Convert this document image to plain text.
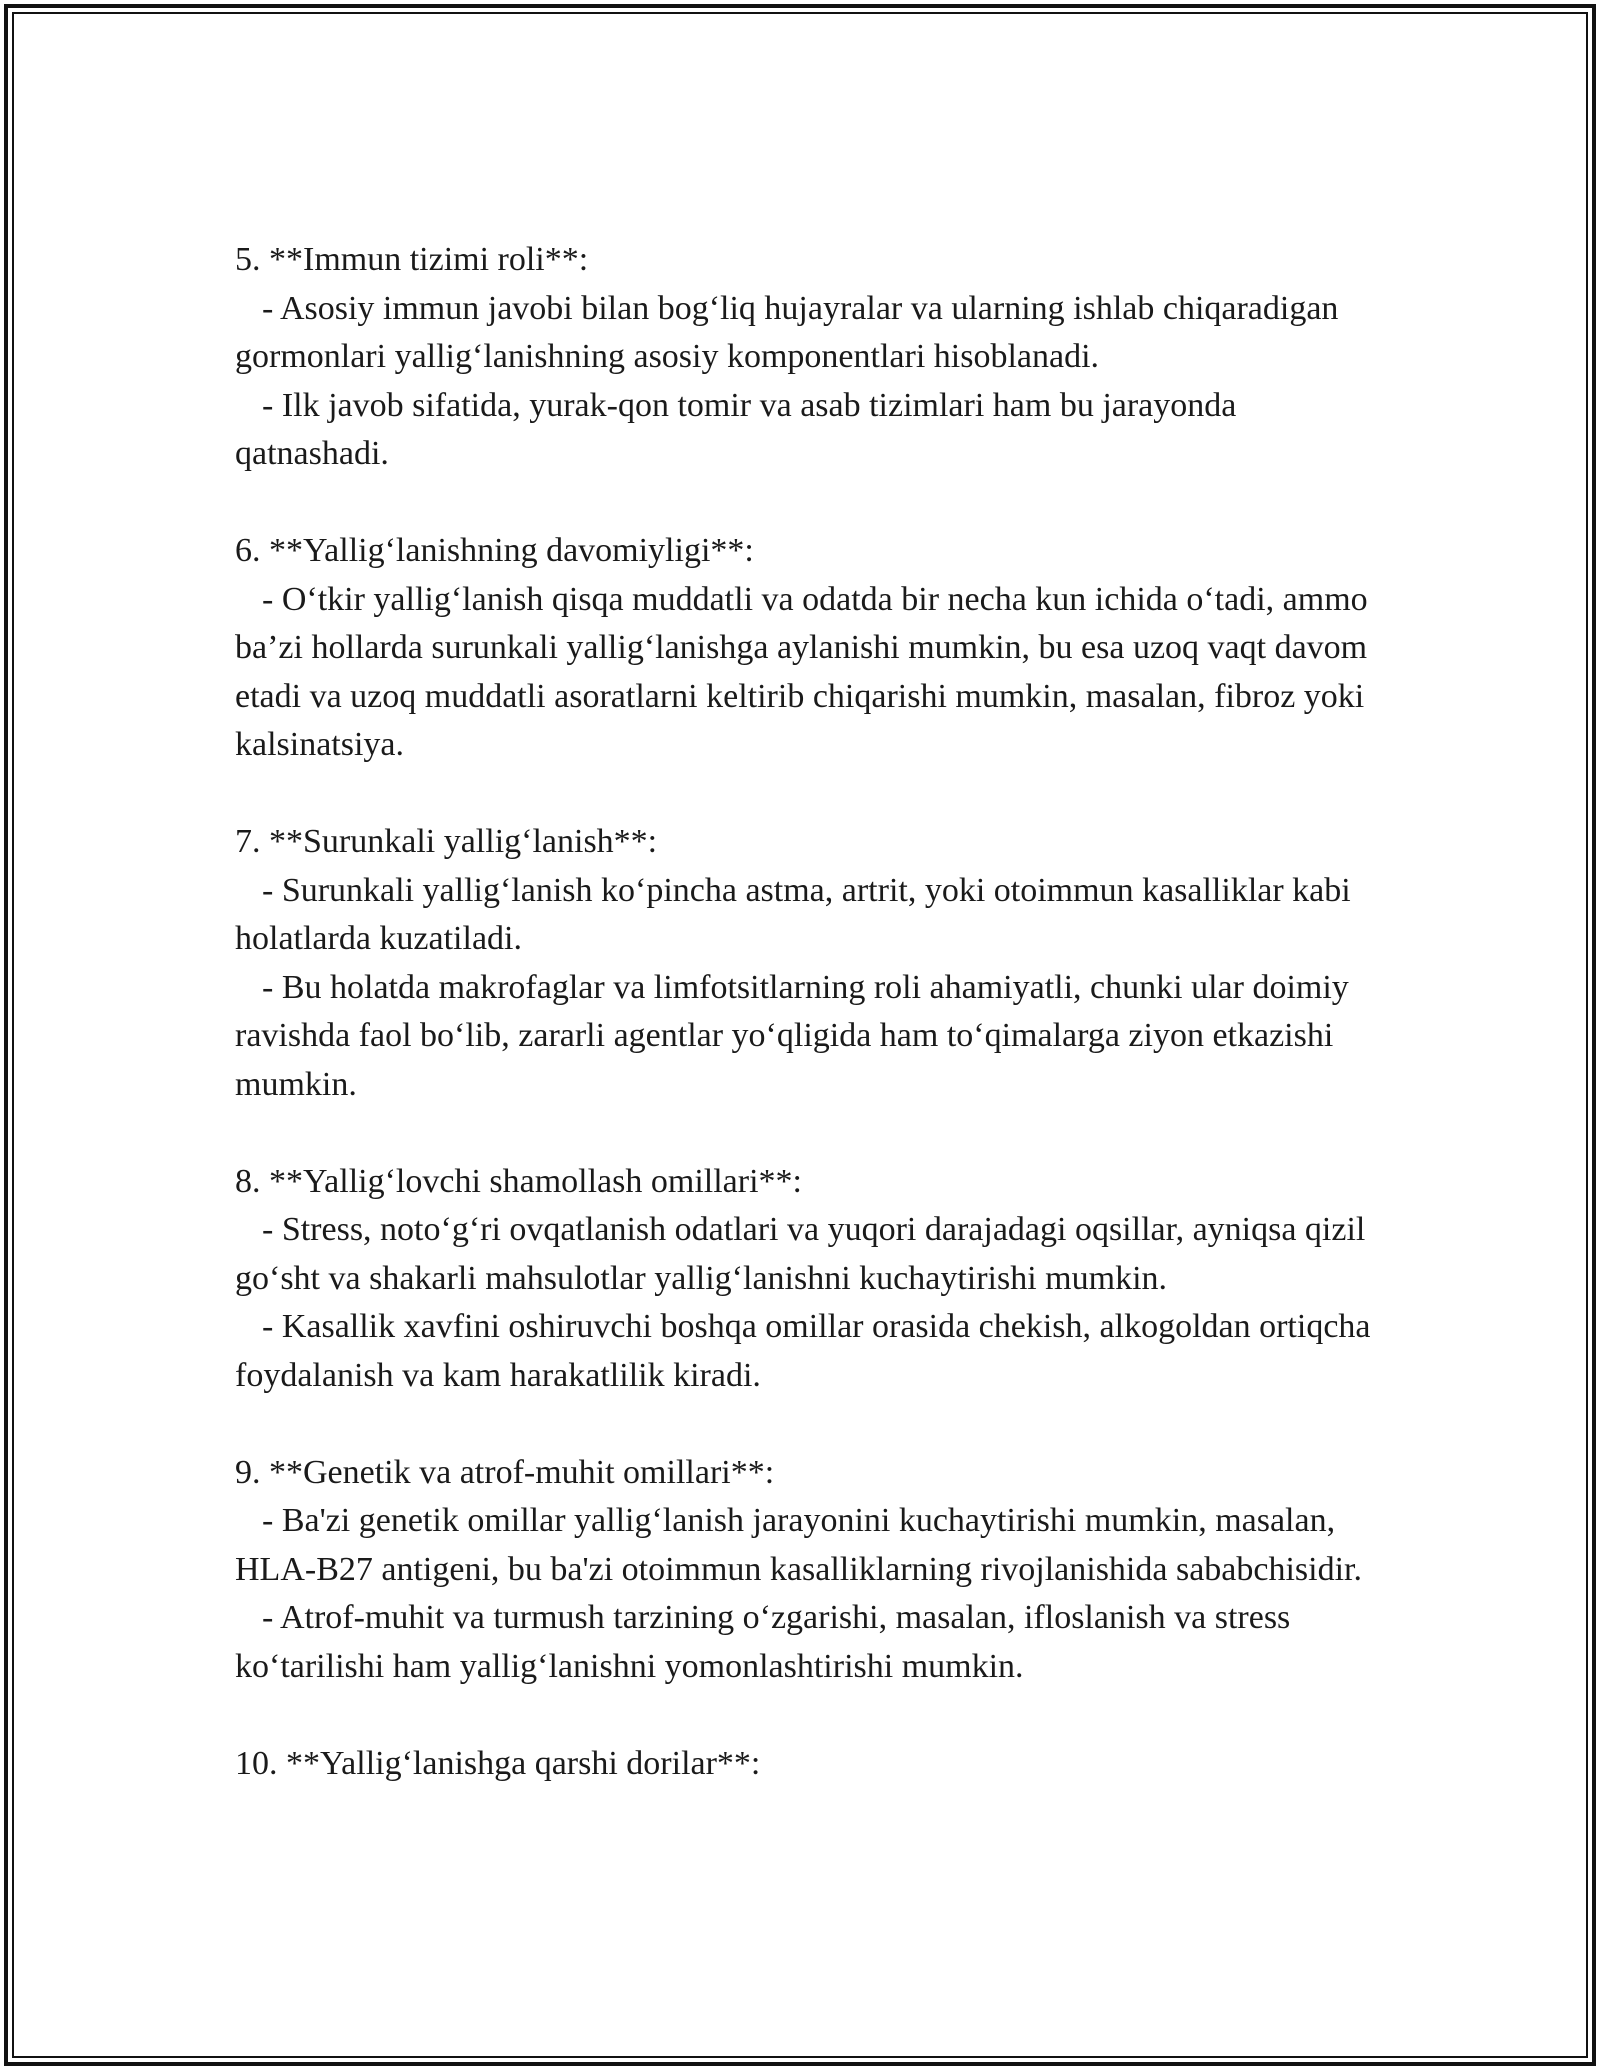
5. **Immun tizimi roli**:

- Asosiy immun javobi bilan bog‘liq hujayralar va ularning ishlab chiqaradigan gormonlari yallig‘lanishning asosiy komponentlari hisoblanadi.

- Ilk javob sifatida, yurak-qon tomir va asab tizimlari ham bu jarayonda qatnashadi.

6. **Yallig‘lanishning davomiyligi**:

- O‘tkir yallig‘lanish qisqa muddatli va odatda bir necha kun ichida o‘tadi, ammo ba’zi hollarda surunkali yallig‘lanishga aylanishi mumkin, bu esa uzoq vaqt davom etadi va uzoq muddatli asoratlarni keltirib chiqarishi mumkin, masalan, fibroz yoki kalsinatsiya.

7. **Surunkali yallig‘lanish**:

- Surunkali yallig‘lanish ko‘pincha astma, artrit, yoki otoimmun kasalliklar kabi holatlarda kuzatiladi.

- Bu holatda makrofaglar va limfotsitlarning roli ahamiyatli, chunki ular doimiy ravishda faol bo‘lib, zararli agentlar yo‘qligida ham to‘qimalarga ziyon etkazishi mumkin.

8. **Yallig‘lovchi shamollash omillari**:

- Stress, noto‘g‘ri ovqatlanish odatlari va yuqori darajadagi oqsillar, ayniqsa qizil go‘sht va shakarli mahsulotlar yallig‘lanishni kuchaytirishi mumkin.

- Kasallik xavfini oshiruvchi boshqa omillar orasida chekish, alkogoldan ortiqcha foydalanish va kam harakatlilik kiradi.

9. **Genetik va atrof-muhit omillari**:

- Ba'zi genetik omillar yallig‘lanish jarayonini kuchaytirishi mumkin, masalan, HLA-B27 antigeni, bu ba'zi otoimmun kasalliklarning rivojlanishida sababchisidir.

- Atrof-muhit va turmush tarzining o‘zgarishi, masalan, ifloslanish va stress ko‘tarilishi ham yallig‘lanishni yomonlashtirishi mumkin.

10. **Yallig‘lanishga qarshi dorilar**:
